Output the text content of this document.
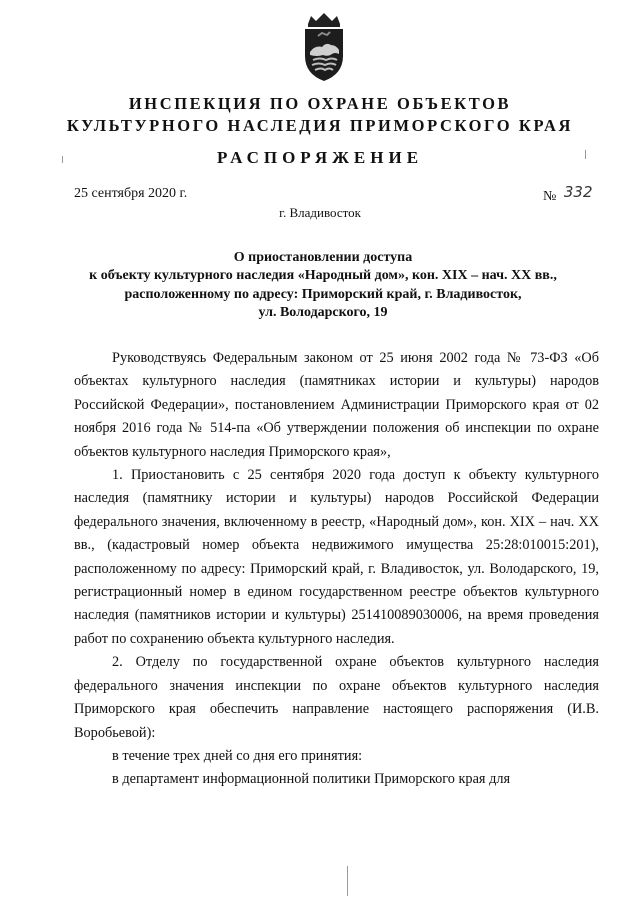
ИНСПЕКЦИЯ ПО ОХРАНЕ ОБЪЕКТОВ
КУЛЬТУРНОГО НАСЛЕДИЯ ПРИМОРСКОГО КРАЯ
РАСПОРЯЖЕНИЕ
25 сентября 2020 г.	№ 332
г. Владивосток
О приостановлении доступа
к объекту культурного наследия «Народный дом», кон. XIX – нач. XX вв.,
расположенному по адресу: Приморский край, г. Владивосток,
ул. Володарского, 19

Руководствуясь Федеральным законом от 25 июня 2002 года № 73-ФЗ «Об объектах культурного наследия (памятниках истории и культуры) народов Российской Федерации», постановлением Администрации Приморского края от 02 ноября 2016 года № 514-па «Об утверждении положения об инспекции по охране объектов культурного наследия Приморского края»,

1. Приостановить с 25 сентября 2020 года доступ к объекту культурного наследия (памятнику истории и культуры) народов Российской Федерации федерального значения, включенному в реестр, «Народный дом», кон. XIX – нач. XX вв., (кадастровый номер объекта недвижимого имущества 25:28:010015:201), расположенному по адресу: Приморский край, г. Владивосток, ул. Володарского, 19, регистрационный номер в едином государственном реестре объектов культурного наследия (памятников истории и культуры) 251410089030006, на время проведения работ по сохранению объекта культурного наследия.

2. Отделу по государственной охране объектов культурного наследия федерального значения инспекции по охране объектов культурного наследия Приморского края обеспечить направление настоящего распоряжения (И.В. Воробьевой):

в течение трех дней со дня его принятия:

в департамент информационной политики Приморского края для
